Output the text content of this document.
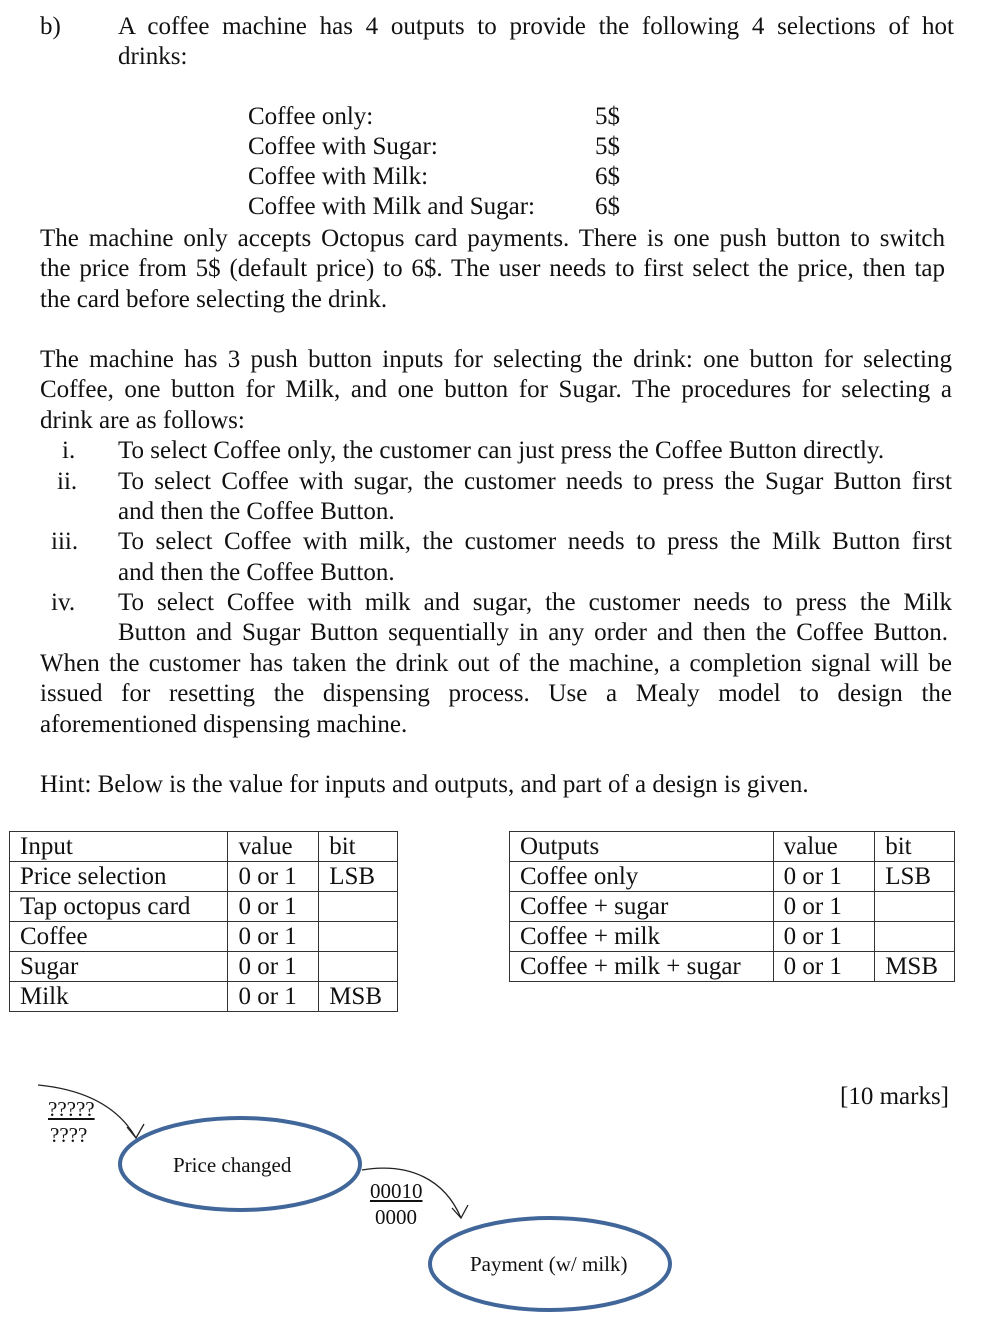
b) A coffee machine has 4 outputs to provide the following 4 selections of hot
drinks:
Coffee only:	5$
Coffee with Sugar:	5$
Coffee with Milk:	6$
Coffee with Milk and Sugar: 6$
The machine only accepts Octopus card payments. There is one push button to switch
the price from 5$ (default price) to 6$. The user needs to first select the price, then tap
the card before selecting the drink.
The machine has 3 push button inputs for selecting the drink: one button for selecting
Coffee, one button for Milk, and one button for Sugar. The procedures for selecting a
drink are as follows:
i. To select Coffee only, the customer can just press the Coffee Button directly.
ii. To select Coffee with sugar, the customer needs to press the Sugar Button first
and then the Coffee Button.
iii. To select Coffee with milk, the customer needs to press the Milk Button first
and then the Coffee Button.
iv. To select Coffee with milk and sugar, the customer needs to press the Milk
Button and Sugar Button sequentially in any order and then the Coffee Button.
When the customer has taken the drink out of the machine, a completion signal will be
issued for resetting the dispensing process. Use a Mealy model to design the
aforementioned dispensing machine.
Hint: Below is the value for inputs and outputs, and part of a design is given.
Input	value	bit
Price selection	0 or 1	LSB
Tap octopus card	0 or 1	
Coffee	0 or 1	
Sugar	0 or 1	
Milk	0 or 1	MSB
Outputs	value	bit
Coffee only	0 or 1	LSB
Coffee + sugar	0 or 1	
Coffee + milk	0 or 1	
Coffee + milk + sugar	0 or 1	MSB
[10 marks]
?????
????
Price changed
00010
0000
Payment (w/ milk)
